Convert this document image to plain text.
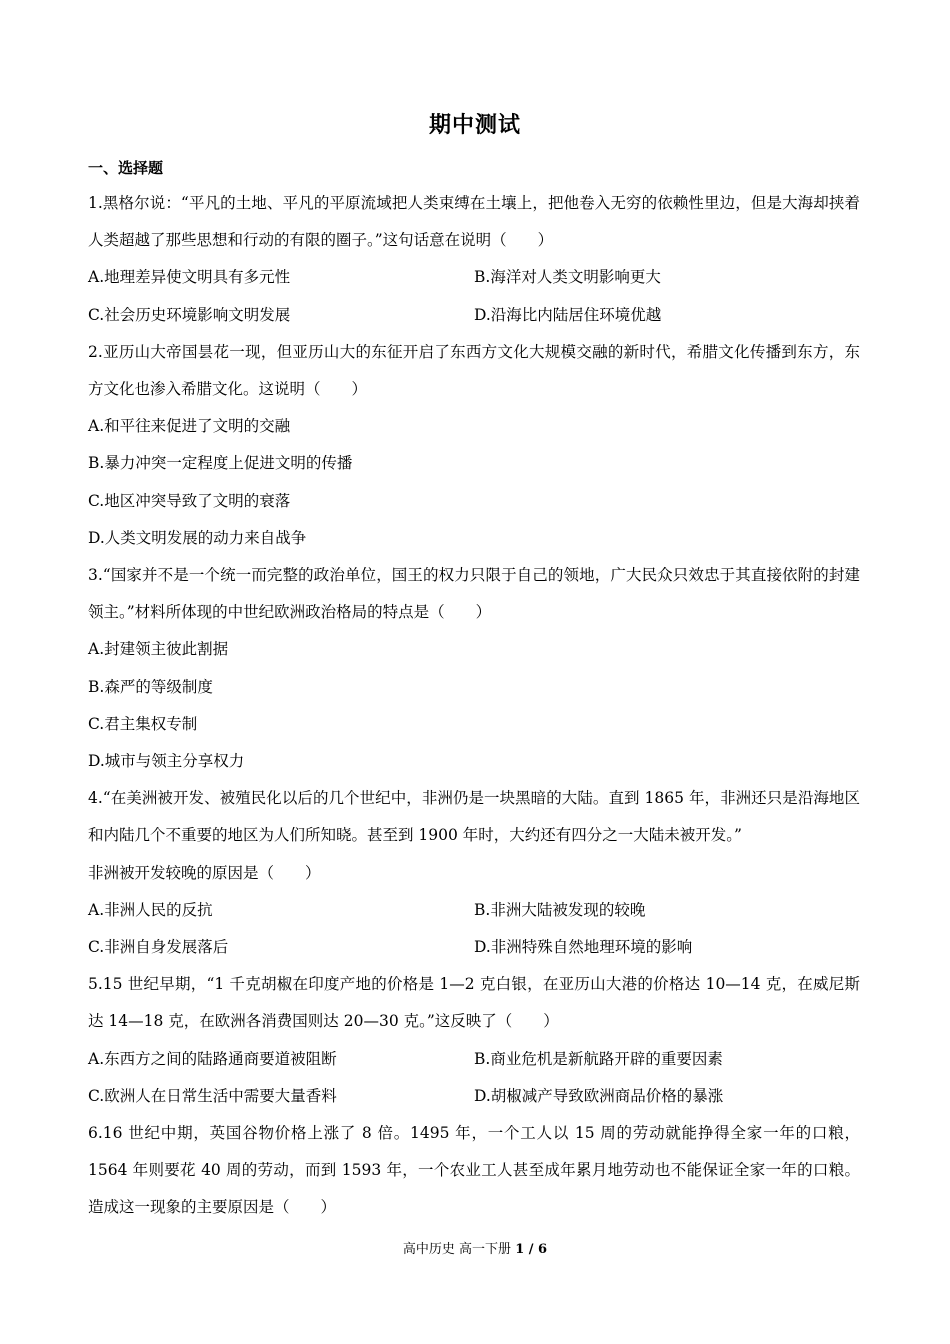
期中测试
一、选择题

1.黑格尔说：“平凡的土地、平凡的平原流域把人类束缚在土壤上，把他卷入无穷的依赖性里边，但是大海却挟着人类超越了那些思想和行动的有限的圈子。”这句话意在说明（　　）

A.地理差异使文明具有多元性	B.海洋对人类文明影响更大
C.社会历史环境影响文明发展	D.沿海比内陆居住环境优越

2.亚历山大帝国昙花一现，但亚历山大的东征开启了东西方文化大规模交融的新时代，希腊文化传播到东方，东方文化也渗入希腊文化。这说明（　　）

A.和平往来促进了文明的交融
B.暴力冲突一定程度上促进文明的传播
C.地区冲突导致了文明的衰落
D.人类文明发展的动力来自战争

3.“国家并不是一个统一而完整的政治单位，国王的权力只限于自己的领地，广大民众只效忠于其直接依附的封建领主。”材料所体现的中世纪欧洲政治格局的特点是（　　）

A.封建领主彼此割据
B.森严的等级制度
C.君主集权专制
D.城市与领主分享权力

4.“在美洲被开发、被殖民化以后的几个世纪中，非洲仍是一块黑暗的大陆。直到 1865 年，非洲还只是沿海地区和内陆几个不重要的地区为人们所知晓。甚至到 1900 年时，大约还有四分之一大陆未被开发。”

非洲被开发较晚的原因是（　　）

A.非洲人民的反抗	B.非洲大陆被发现的较晚
C.非洲自身发展落后	D.非洲特殊自然地理环境的影响

5.15 世纪早期，“1 千克胡椒在印度产地的价格是 1—2 克白银，在亚历山大港的价格达 10—14 克，在威尼斯达 14—18 克，在欧洲各消费国则达 20—30 克。”这反映了（　　）

A.东西方之间的陆路通商要道被阻断	B.商业危机是新航路开辟的重要因素
C.欧洲人在日常生活中需要大量香料	D.胡椒减产导致欧洲商品价格的暴涨

6.16 世纪中期，英国谷物价格上涨了 8 倍。1495 年，一个工人以 15 周的劳动就能挣得全家一年的口粮，1564 年则要花 40 周的劳动，而到 1593 年，一个农业工人甚至成年累月地劳动也不能保证全家一年的口粮。造成这一现象的主要原因是（　　）

高中历史 高一下册 1 / 6
